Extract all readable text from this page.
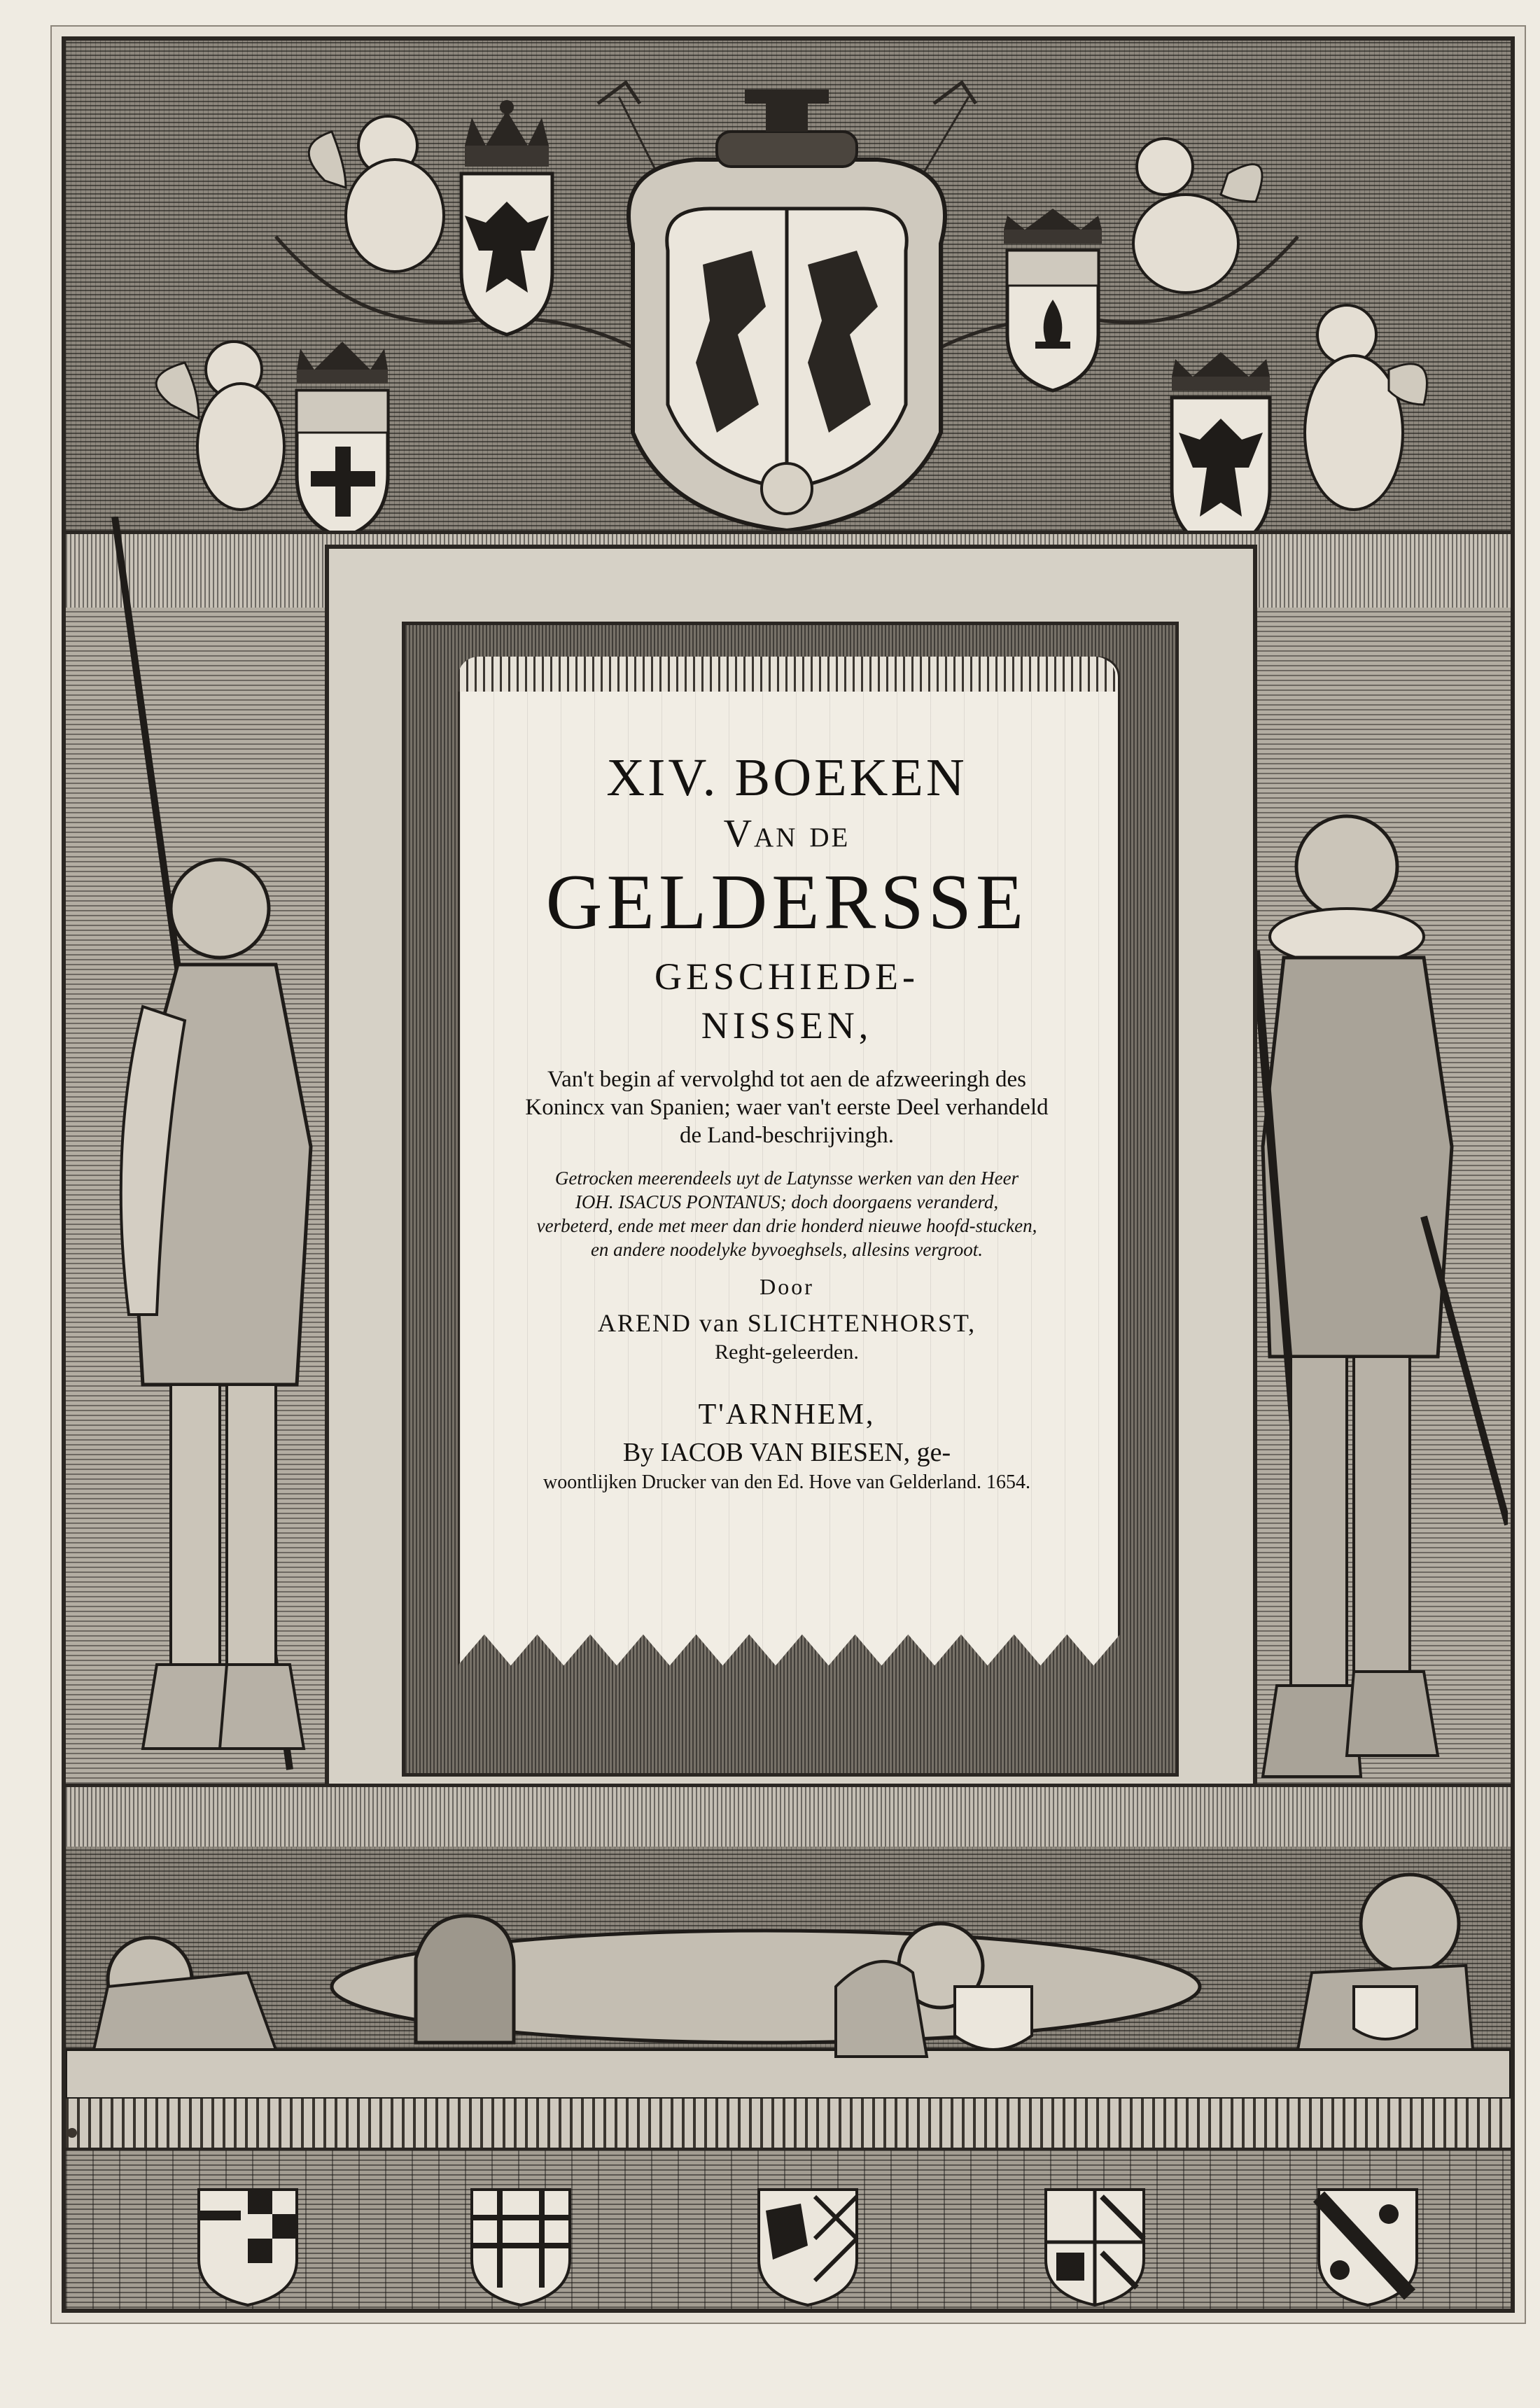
XIV. BOEKEN
Van de
GELDERSSE
GESCHIEDE-
NISSEN,
Van't begin af vervolghd tot aen de afzweeringh des Konincx van Spanien; waer van't eerste Deel verhandeld de Land-beschrijvingh.
Getrocken meerendeels uyt de Latynsse werken van den Heer IOH. ISACUS PONTANUS; doch doorgaens veranderd, verbeterd, ende met meer dan drie honderd nieuwe hoofd-stucken, en andere noodelyke byvoeghsels, allesins vergroot.
Door
AREND van SLICHTENHORST,
Reght-geleerden.
T'ARNHEM,
By IACOB VAN BIESEN, ge-
woontlijken Drucker van den Ed. Hove van Gelderland. 1654.
